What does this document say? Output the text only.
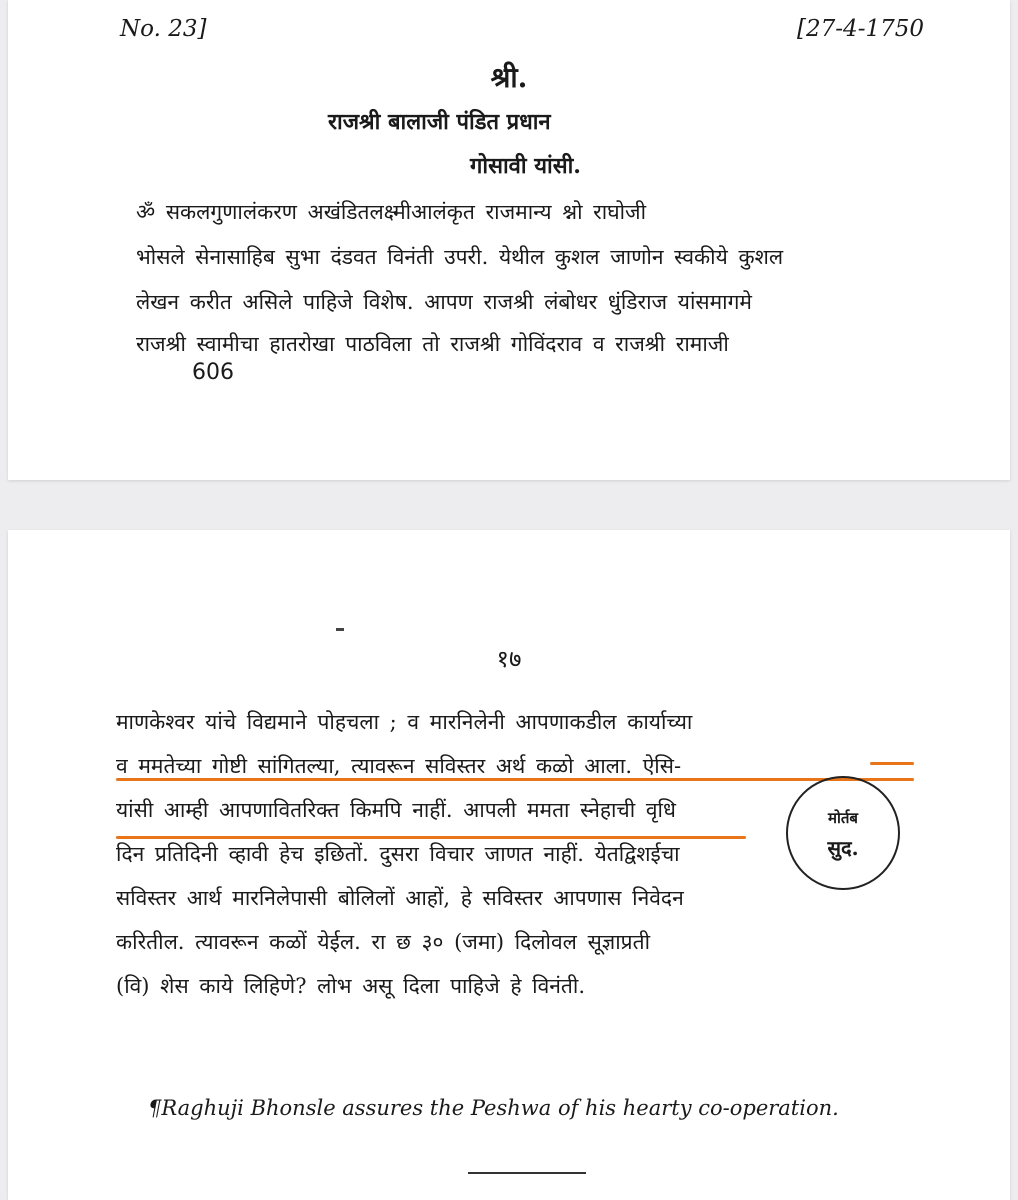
No. 23]	[27-4-1750
श्री.
राजश्री बालाजी पंडित प्रधान
गोसावी यांसी.
ॐ सकलगुणालंकरण अखंडितलक्ष्मीआलंकृत राजमान्य श्नो राघोजी
भोसले सेनासाहिब सुभा दंडवत विनंती उपरी. येथील कुशल जाणोन स्वकीये कुशल
लेखन करीत असिले पाहिजे विशेष. आपण राजश्री लंबोधर धुंडिराज यांसमागमे
राजश्री स्वामीचा हातरोखा पाठविला तो राजश्री गोविंदराव व राजश्री रामाजी
606
१७
माणकेश्वर यांचे विद्यमाने पोहचला ; व मारनिलेनी आपणाकडील कार्याच्या
व ममतेच्या गोष्टी सांगितल्या, त्यावरून सविस्तर अर्थ कळो आला. ऐसि-
यांसी आम्ही आपणावितरिक्त किमपि नाहीं. आपली ममता स्नेहाची वृधि
दिन प्रतिदिनी व्हावी हेच इछितों. दुसरा विचार जाणत नाहीं. येतद्विशईचा
सविस्तर आर्थ मारनिलेपासी बोलिलों आहों, हे सविस्तर आपणास निवेदन
करितील. त्यावरून कळों येईल. रा छ ३० (जमा) दिलोवल सूज्ञाप्रती
(वि) शेस काये लिहिणे? लोभ असू दिला पाहिजे हे विनंती.
मोर्तब
सुद.
¶Raghuji Bhonsle assures the Peshwa of his hearty co-operation.
